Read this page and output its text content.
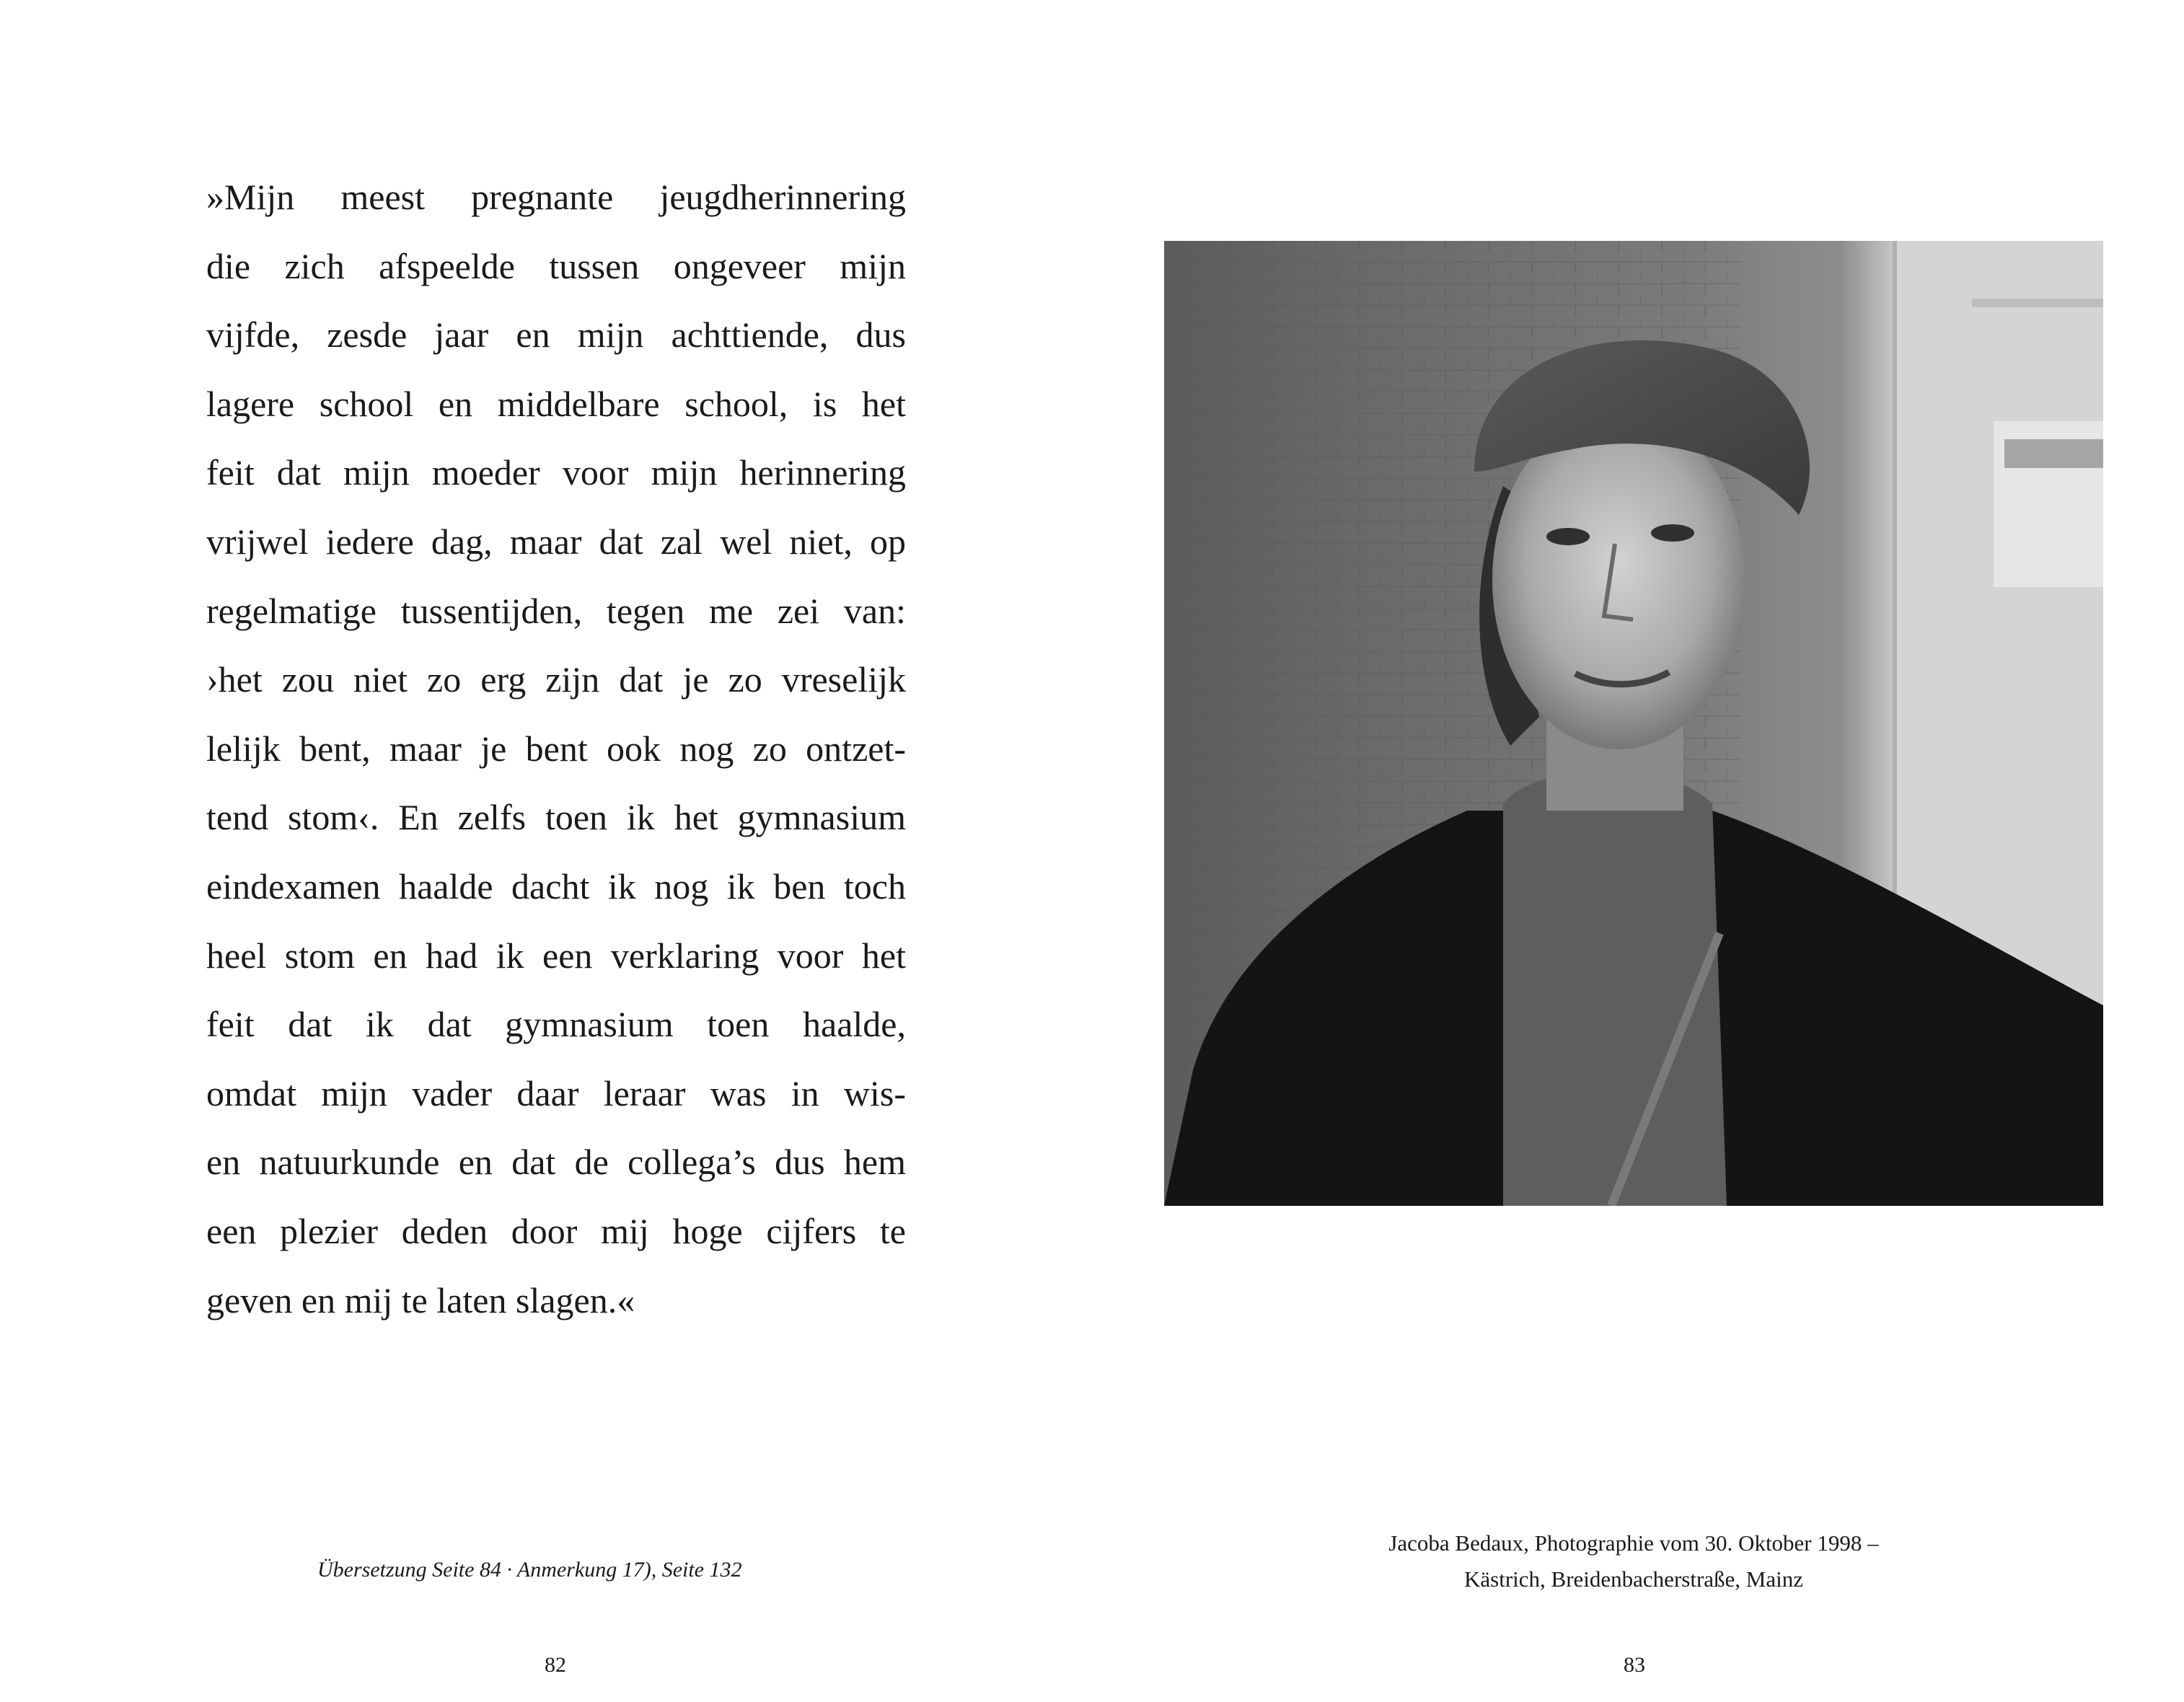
»Mijn meest pregnante jeugdherinnering
die zich afspeelde tussen ongeveer mijn
vijfde, zesde jaar en mijn achttiende, dus
lagere school en middelbare school, is het
feit dat mijn moeder voor mijn herinnering
vrijwel iedere dag, maar dat zal wel niet, op
regelmatige tussentijden, tegen me zei van:
›het zou niet zo erg zijn dat je zo vreselijk
lelijk bent, maar je bent ook nog zo ontzet-
tend stom‹. En zelfs toen ik het gymnasium
eindexamen haalde dacht ik nog ik ben toch
heel stom en had ik een verklaring voor het
feit dat ik dat gymnasium toen haalde,
omdat mijn vader daar leraar was in wis-
en natuurkunde en dat de collega’s dus hem
een plezier deden door mij hoge cijfers te
geven en mij te laten slagen.«
Übersetzung Seite 84 · Anmerkung 17), Seite 132
82
Jacoba Bedaux, Photographie vom 30. Oktober 1998 –
Kästrich, Breidenbacherstraße, Mainz
83
